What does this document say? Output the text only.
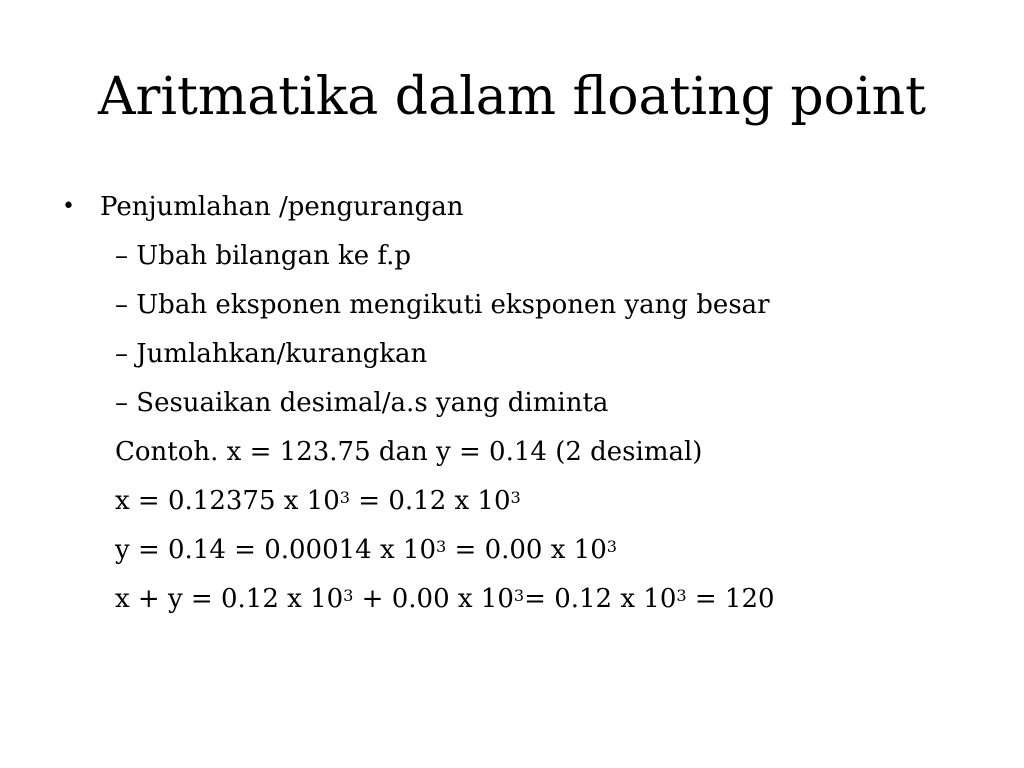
Aritmatika dalam floating point
• Penjumlahan /pengurangan
– Ubah bilangan ke f.p
– Ubah eksponen mengikuti eksponen yang besar
– Jumlahkan/kurangkan
– Sesuaikan desimal/a.s yang diminta
Contoh. x = 123.75 dan y = 0.14 (2 desimal)
x = 0.12375 x $10^3 = 0.12$ x $10^3$
y = 0.14 = 0.00014 x $10^3 = 0.00$ x $10^3$
x + y = 0.12 x $10^3 + 0.00$ x $10^3= 0.12$ x $10^3 = 120$
